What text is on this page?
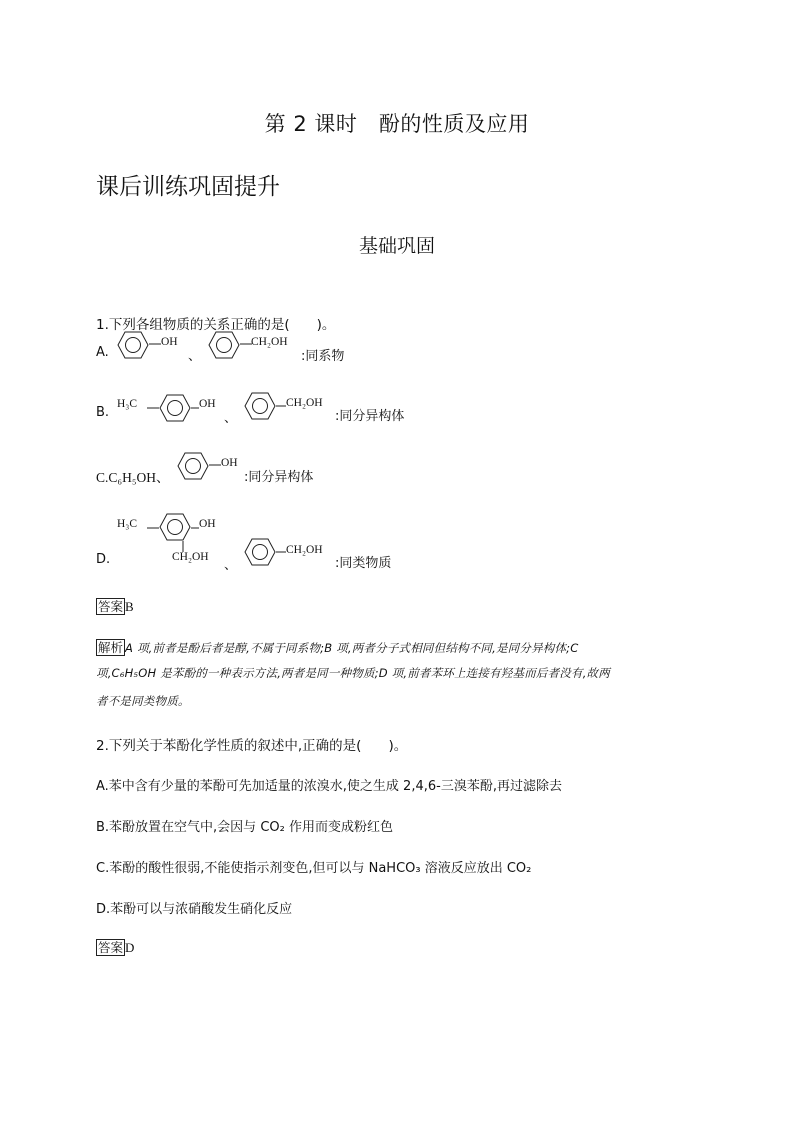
第 2 课时　酚的性质及应用
课后训练巩固提升
基础巩固
1.下列各组物质的关系正确的是(　　)。
A.
OH
、
CH₂OH
:同系物
B.
H₃C	OH
、
CH₂OH
:同分异构体
C.C₆H₅OH、
OH
:同分异构体
D.
H₃C	OH
CH₂OH
、
CH₂OH
:同类物质
答案 B
解析 A 项,前者是酚后者是醇,不属于同系物;B 项,两者分子式相同但结构不同,是同分异构体;C
项,C₆H₅OH 是苯酚的一种表示方法,两者是同一种物质;D 项,前者苯环上连接有羟基而后者没有,故两
者不是同类物质。
2.下列关于苯酚化学性质的叙述中,正确的是(　　)。
A.苯中含有少量的苯酚可先加适量的浓溴水,使之生成 2,4,6-三溴苯酚,再过滤除去
B.苯酚放置在空气中,会因与 CO₂ 作用而变成粉红色
C.苯酚的酸性很弱,不能使指示剂变色,但可以与 NaHCO₃ 溶液反应放出 CO₂
D.苯酚可以与浓硝酸发生硝化反应
答案 D
